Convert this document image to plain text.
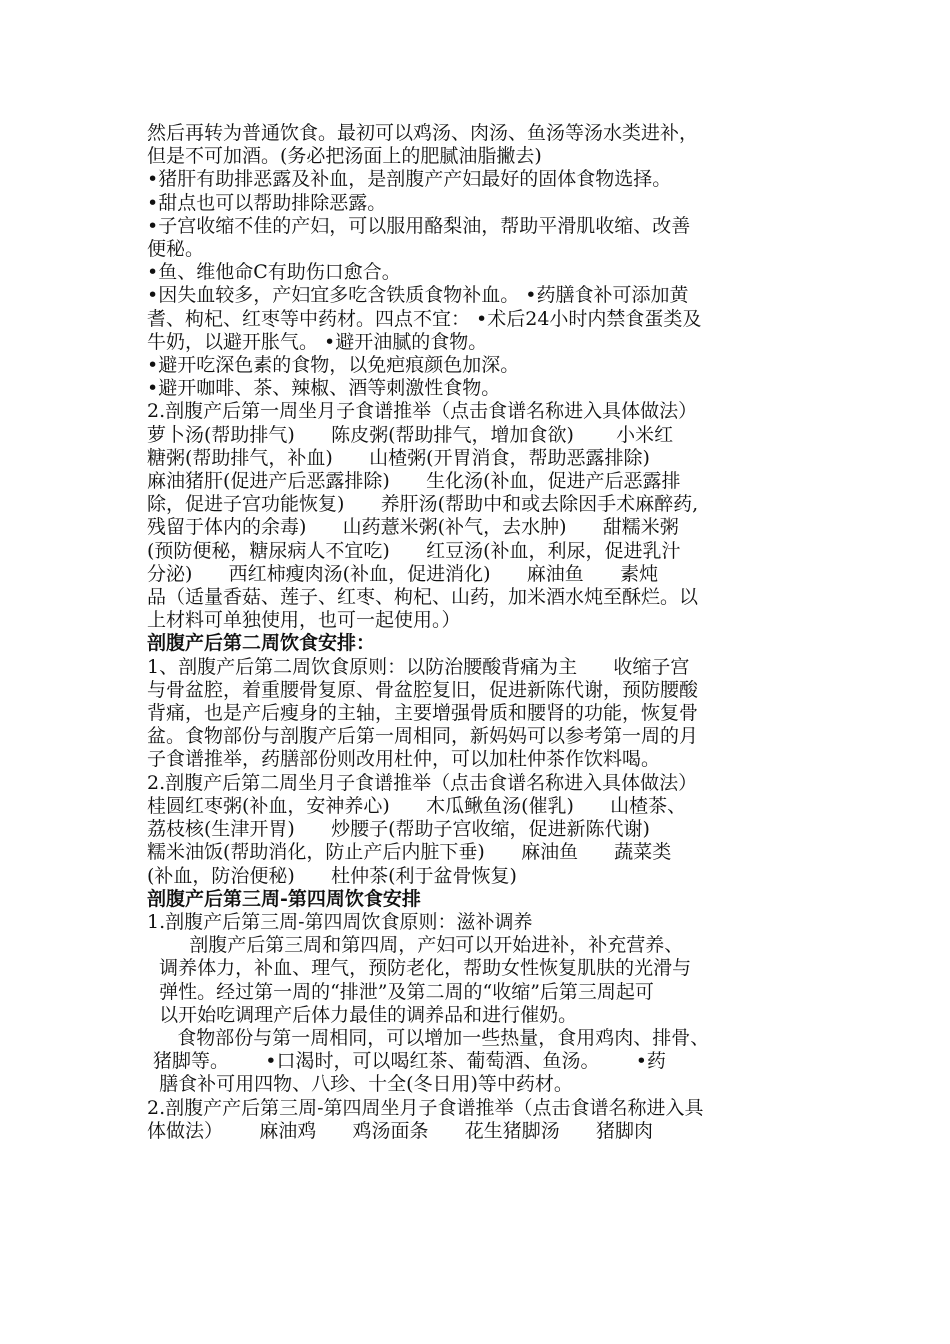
然后再转为普通饮食。最初可以鸡汤、肉汤、鱼汤等汤水类进补，
但是不可加酒。(务必把汤面上的肥腻油脂撇去)
•猪肝有助排恶露及补血，是剖腹产产妇最好的固体食物选择。
•甜点也可以帮助排除恶露。
•子宫收缩不佳的产妇，可以服用酪梨油，帮助平滑肌收缩、改善
便秘。
•鱼、维他命C有助伤口愈合。
•因失血较多，产妇宜多吃含铁质食物补血。 •药膳食补可添加黄
耆、枸杞、红枣等中药材。四点不宜： •术后24小时内禁食蛋类及
牛奶，以避开胀气。 •避开油腻的食物。
•避开吃深色素的食物，以免疤痕颜色加深。
•避开咖啡、茶、辣椒、酒等刺激性食物。
2.剖腹产后第一周坐月子食谱推举（点击食谱名称进入具体做法）
萝卜汤(帮助排气)      陈皮粥(帮助排气，增加食欲)       小米红
糖粥(帮助排气，补血)      山楂粥(开胃消食，帮助恶露排除)
麻油猪肝(促进产后恶露排除)      生化汤(补血，促进产后恶露排
除，促进子宫功能恢复)      养肝汤(帮助中和或去除因手术麻醉药,
残留于体内的余毒)      山药薏米粥(补气，去水肿)      甜糯米粥
(预防便秘，糖尿病人不宜吃)      红豆汤(补血，利尿，促进乳汁
分泌)      西红柿瘦肉汤(补血，促进消化)      麻油鱼      素炖
品（适量香菇、莲子、红枣、枸杞、山药，加米酒水炖至酥烂。以
上材料可单独使用，也可一起使用。）
剖腹产后第二周饮食安排：
1、剖腹产后第二周饮食原则：以防治腰酸背痛为主      收缩子宫
与骨盆腔，着重腰骨复原、骨盆腔复旧，促进新陈代谢，预防腰酸
背痛，也是产后瘦身的主轴，主要增强骨质和腰肾的功能，恢复骨
盆。食物部份与剖腹产后第一周相同，新妈妈可以参考第一周的月
子食谱推举，药膳部份则改用杜仲，可以加杜仲茶作饮料喝。
2.剖腹产后第二周坐月子食谱推举（点击食谱名称进入具体做法）
桂圆红枣粥(补血，安神养心)      木瓜鳅鱼汤(催乳)      山楂茶、
荔枝核(生津开胃)      炒腰子(帮助子宫收缩，促进新陈代谢)
糯米油饭(帮助消化，防止产后内脏下垂)      麻油鱼      蔬菜类
(补血，防治便秘)      杜仲茶(利于盆骨恢复)
剖腹产后第三周-第四周饮食安排
1.剖腹产后第三周-第四周饮食原则：滋补调养
剖腹产后第三周和第四周，产妇可以开始进补，补充营养、
调养体力，补血、理气，预防老化，帮助女性恢复肌肤的光滑与
弹性。经过第一周的“排泄”及第二周的“收缩”后第三周起可
以开始吃调理产后体力最佳的调养品和进行催奶。
食物部份与第一周相同，可以增加一些热量，食用鸡肉、排骨、
猪脚等。      •口渴时，可以喝红茶、葡萄酒、鱼汤。      •药
膳食补可用四物、八珍、十全(冬日用)等中药材。
2.剖腹产产后第三周-第四周坐月子食谱推举（点击食谱名称进入具
体做法）      麻油鸡      鸡汤面条      花生猪脚汤      猪脚肉
